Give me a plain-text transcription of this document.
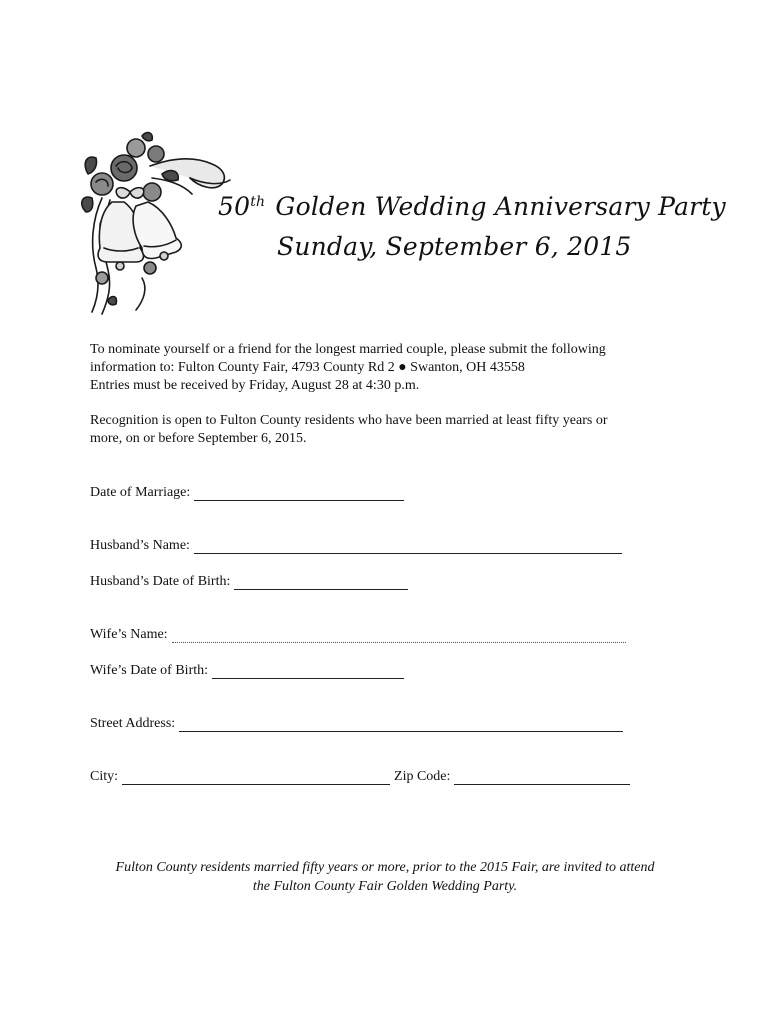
50th Golden Wedding Anniversary Party
Sunday, September 6, 2015

To nominate yourself or a friend for the longest married couple, please submit the following

information to: Fulton County Fair, 4793 County Rd 2 ● Swanton, OH 43558

Entries must be received by Friday, August 28 at 4:30 p.m.

Recognition is open to Fulton County residents who have been married at least fifty years or

more, on or before September 6, 2015.

Date of Marriage:
Husband’s Name:
Husband’s Date of Birth:
Wife’s Name:
Wife’s Date of Birth:
Street Address:
City:	Zip Code:

Fulton County residents married fifty years or more, prior to the 2015 Fair, are invited to attend

the Fulton County Fair Golden Wedding Party.
